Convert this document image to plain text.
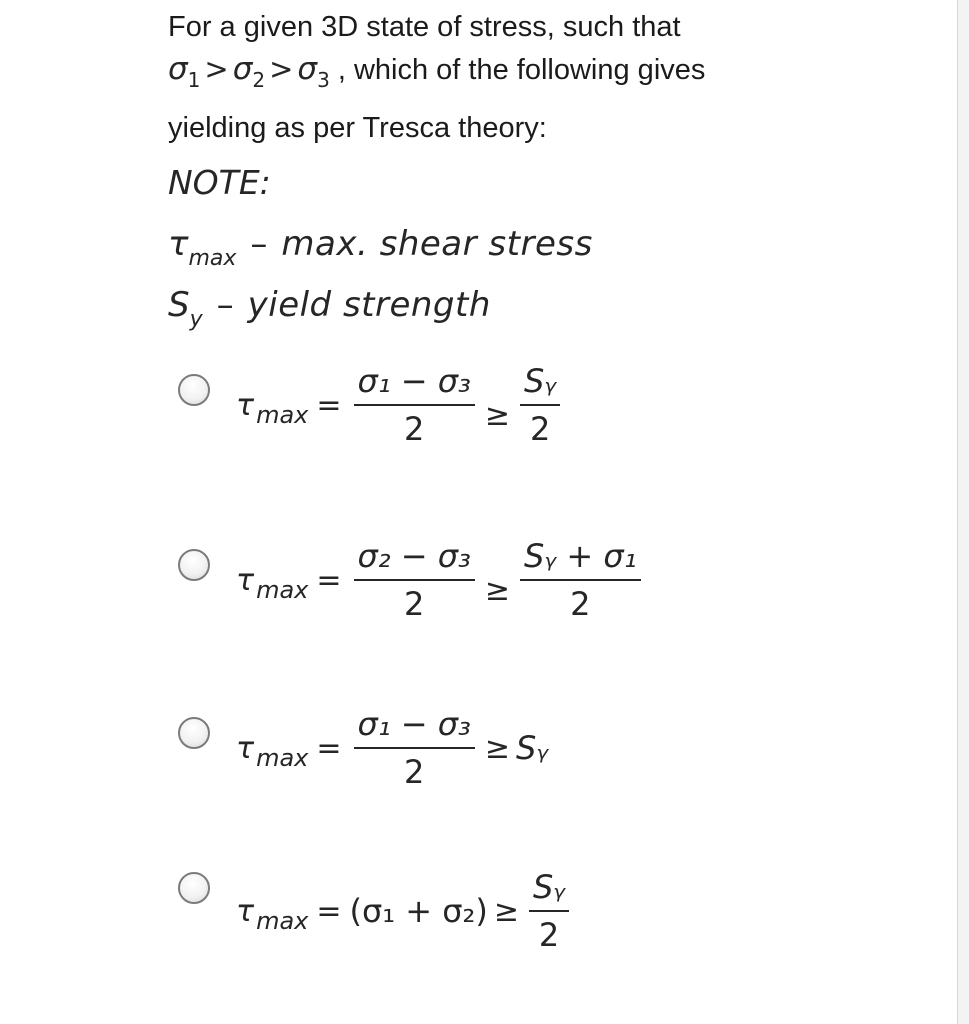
For a given 3D state of stress, such that
$\sigma_1 > \sigma_2 > \sigma_3$ , which of the following gives
yielding as per Tresca theory:
NOTE:
$\tau_{max}$ – max. shear stress
$S_y$ – yield strength
$\tau_{max} = \frac{\text{σ₁ − σ₃}}{2} \ge \frac{\text{Sᵧ}}{2}$
$\tau_{max} = \frac{\text{σ₂ − σ₃}}{2} \ge \frac{\text{Sᵧ + σ₁}}{2}$
$\tau_{max} = \frac{\text{σ₁ − σ₃}}{2}$ ≥ Sᵧ
$\tau_{max} = (\sigma_1 + \sigma_2) \ge \frac{\text{Sᵧ}}{2}$
